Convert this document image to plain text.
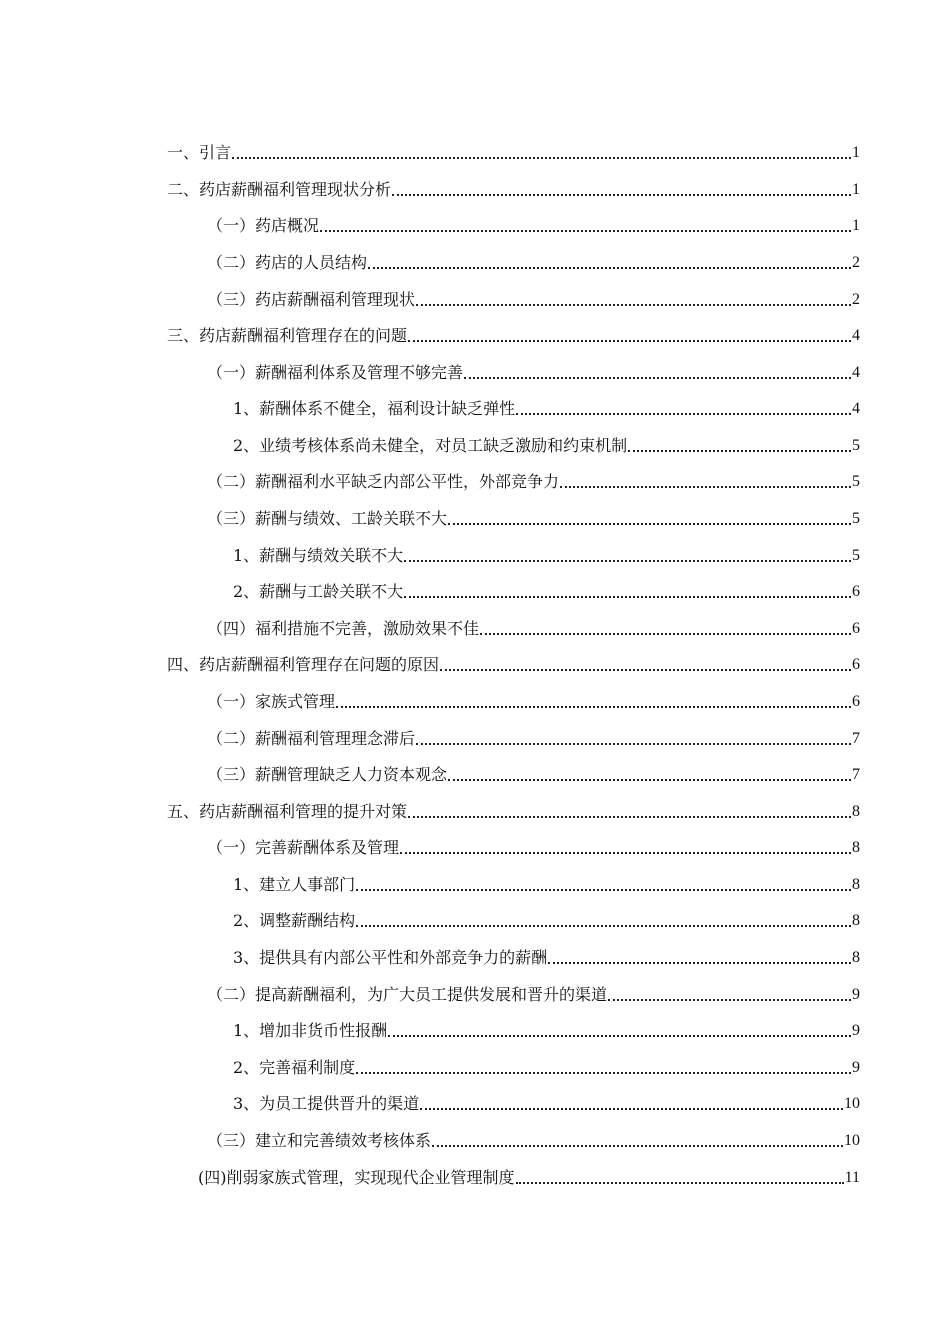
一、引言	1
二、药店薪酬福利管理现状分析	1
（一）药店概况	1
（二）药店的人员结构	2
（三）药店薪酬福利管理现状	2
三、药店薪酬福利管理存在的问题	4
（一）薪酬福利体系及管理不够完善	4
1、薪酬体系不健全，福利设计缺乏弹性	4
2、业绩考核体系尚未健全，对员工缺乏激励和约束机制	5
（二）薪酬福利水平缺乏内部公平性，外部竞争力	5
（三）薪酬与绩效、工龄关联不大	5
1、薪酬与绩效关联不大	5
2、薪酬与工龄关联不大	6
（四）福利措施不完善，激励效果不佳	6
四、药店薪酬福利管理存在问题的原因	6
（一）家族式管理	6
（二）薪酬福利管理理念滞后	7
（三）薪酬管理缺乏人力资本观念	7
五、药店薪酬福利管理的提升对策	8
（一）完善薪酬体系及管理	8
1、建立人事部门	8
2、调整薪酬结构	8
3、提供具有内部公平性和外部竞争力的薪酬	8
（二）提高薪酬福利，为广大员工提供发展和晋升的渠道	9
1、增加非货币性报酬	9
2、完善福利制度	9
3、为员工提供晋升的渠道	10
（三）建立和完善绩效考核体系	10
(四)削弱家族式管理，实现现代企业管理制度	11
